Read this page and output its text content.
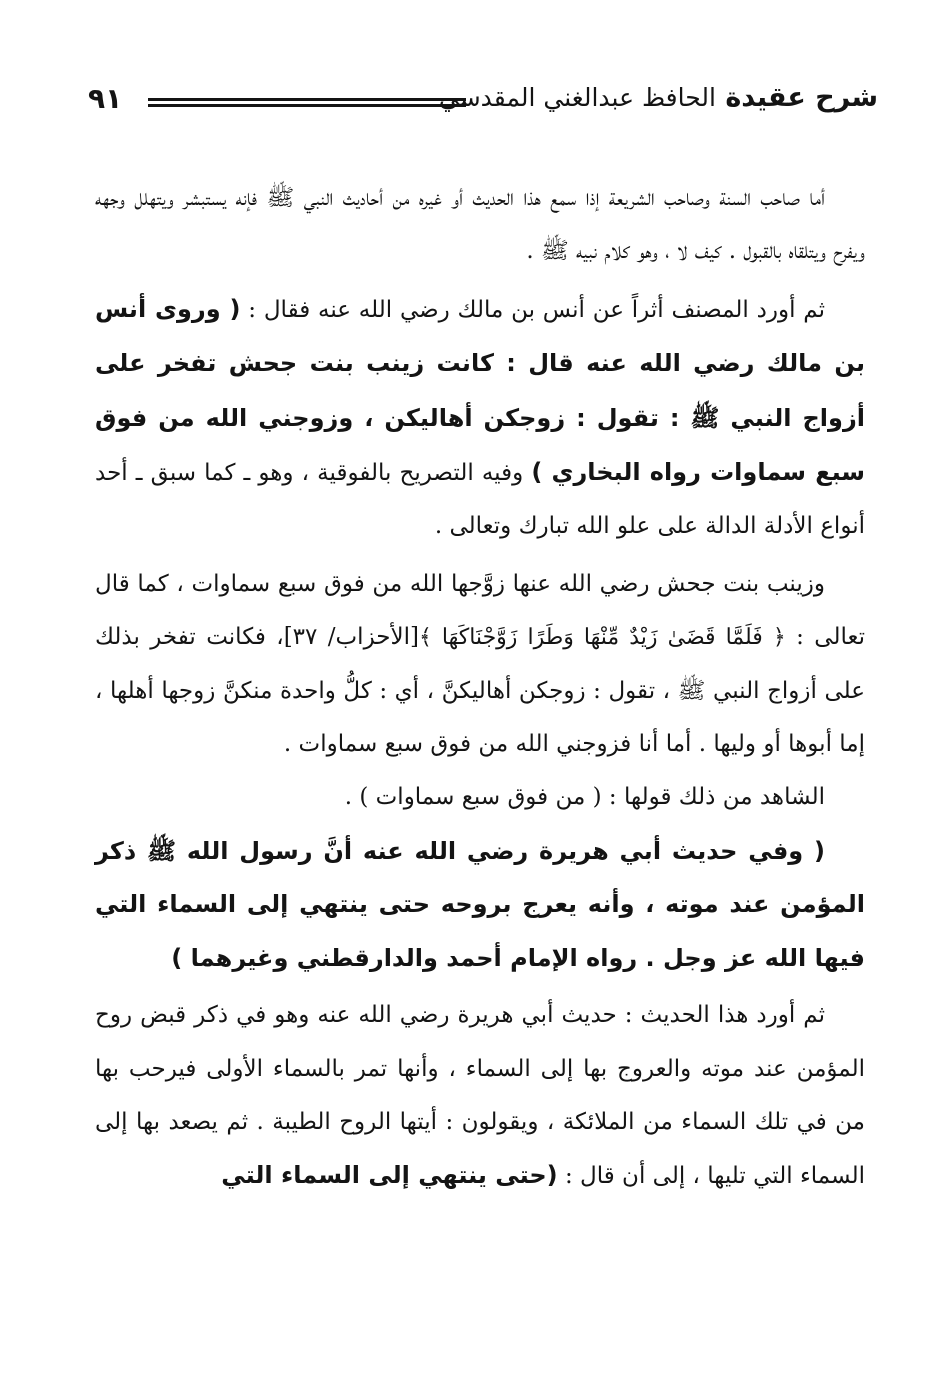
شرح عقيدة الحافظ عبدالغني المقدسي
٩١

أما صاحب السنة وصاحب الشريعة إذا سمع هذا الحديث أو غيره من أحاديث النبي ﷺ فإنه يستبشر ويتهلل وجهه ويفرح ويتلقاه بالقبول . كيف لا ، وهو كلام نبيه ﷺ .

ثم أورد المصنف أثراً عن أنس بن مالك رضي الله عنه فقال : ( وروى أنس بن مالك رضي الله عنه قال : كانت زينب بنت جحش تفخر على أزواج النبي ﷺ : تقول : زوجكن أهاليكن ، وزوجني الله من فوق سبع سماوات رواه البخاري ) وفيه التصريح بالفوقية ، وهو ـ كما سبق ـ أحد أنواع الأدلة الدالة على علو الله تبارك وتعالى .

وزينب بنت جحش رضي الله عنها زوَّجها الله من فوق سبع سماوات ، كما قال تعالى : ﴿ فَلَمَّا قَضَىٰ زَيْدٌ مِّنْهَا وَطَرًا زَوَّجْنَاكَهَا ﴾[الأحزاب/ ٣٧]، فكانت تفخر بذلك على أزواج النبي ﷺ ، تقول : زوجكن أهاليكنَّ ، أي : كلُّ واحدة منكنَّ زوجها أهلها ، إما أبوها أو وليها . أما أنا فزوجني الله من فوق سبع سماوات .

الشاهد من ذلك قولها : ( من فوق سبع سماوات ) .

( وفي حديث أبي هريرة رضي الله عنه أنَّ رسول الله ﷺ ذكر المؤمن عند موته ، وأنه يعرج بروحه حتى ينتهي إلى السماء التي فيها الله عز وجل . رواه الإمام أحمد والدارقطني وغيرهما )

ثم أورد هذا الحديث : حديث أبي هريرة رضي الله عنه وهو في ذكر قبض روح المؤمن عند موته والعروج بها إلى السماء ، وأنها تمر بالسماء الأولى فيرحب بها من في تلك السماء من الملائكة ، ويقولون : أيتها الروح الطيبة . ثم يصعد بها إلى السماء التي تليها ، إلى أن قال : (حتى ينتهي إلى السماء التي
